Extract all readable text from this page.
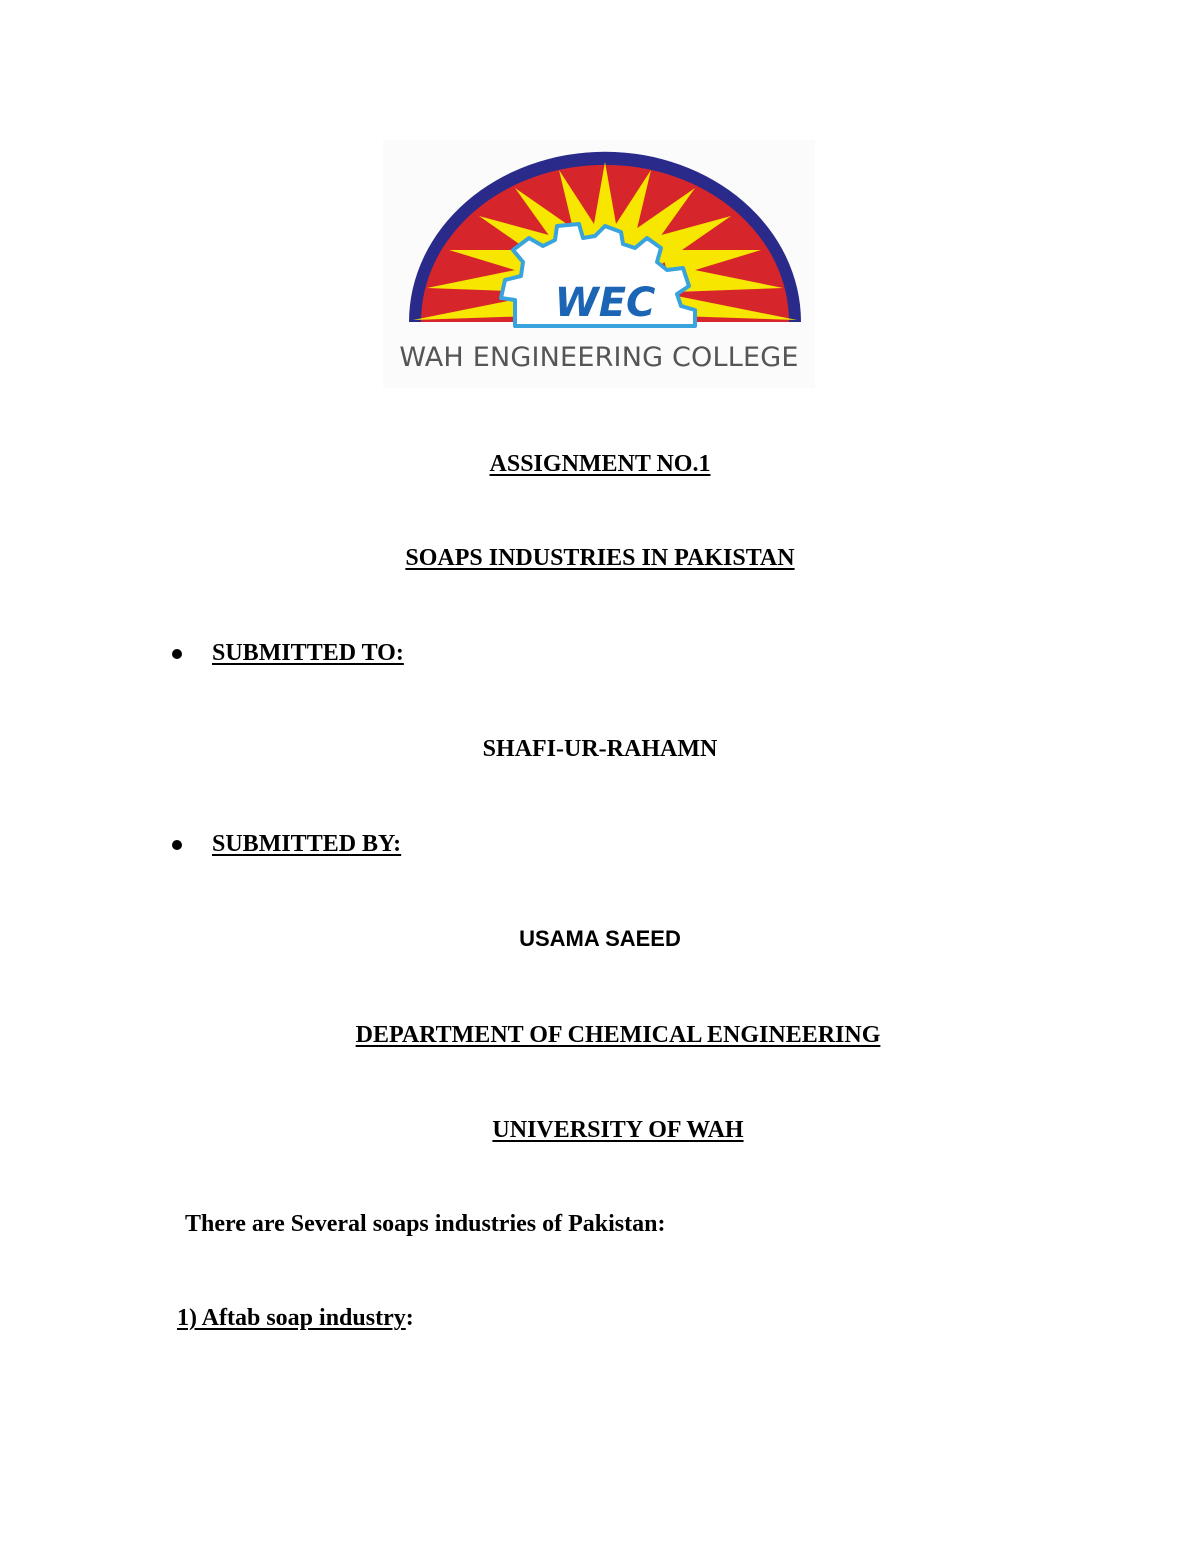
WEC
WAH ENGINEERING COLLEGE
ASSIGNMENT NO.1
SOAPS INDUSTRIES IN PAKISTAN
SUBMITTED TO:
SHAFI-UR-RAHAMN
SUBMITTED BY:
USAMA SAEED
DEPARTMENT OF CHEMICAL ENGINEERING
UNIVERSITY OF WAH
There are Several soaps industries of Pakistan:
1) Aftab soap industry:
